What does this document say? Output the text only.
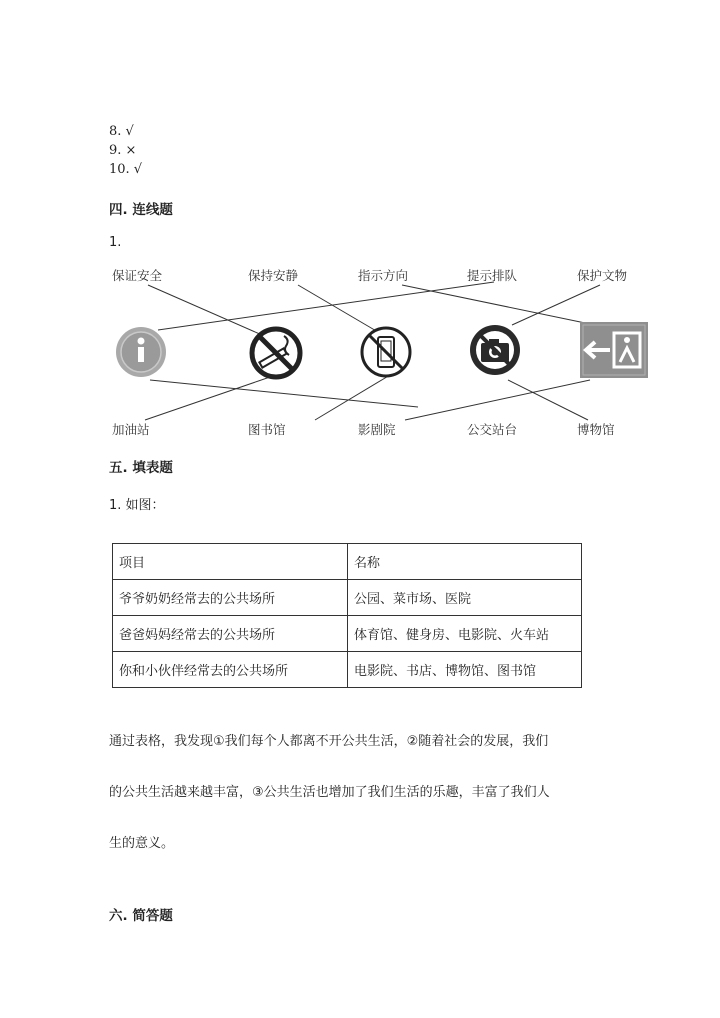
8. √
9. ×
10. √
四. 连线题
1.
保证安全	保持安静	指示方向	提示排队	保护文物
加油站	图书馆	影剧院	公交站台	博物馆
五. 填表题
1. 如图：
项目	名称
爷爷奶奶经常去的公共场所	公园、菜市场、医院
爸爸妈妈经常去的公共场所	体育馆、健身房、电影院、火车站
你和小伙伴经常去的公共场所	电影院、书店、博物馆、图书馆
通过表格，我发现①我们每个人都离不开公共生活，②随着社会的发展，我们
的公共生活越来越丰富，③公共生活也增加了我们生活的乐趣，丰富了我们人
生的意义。
六. 简答题
